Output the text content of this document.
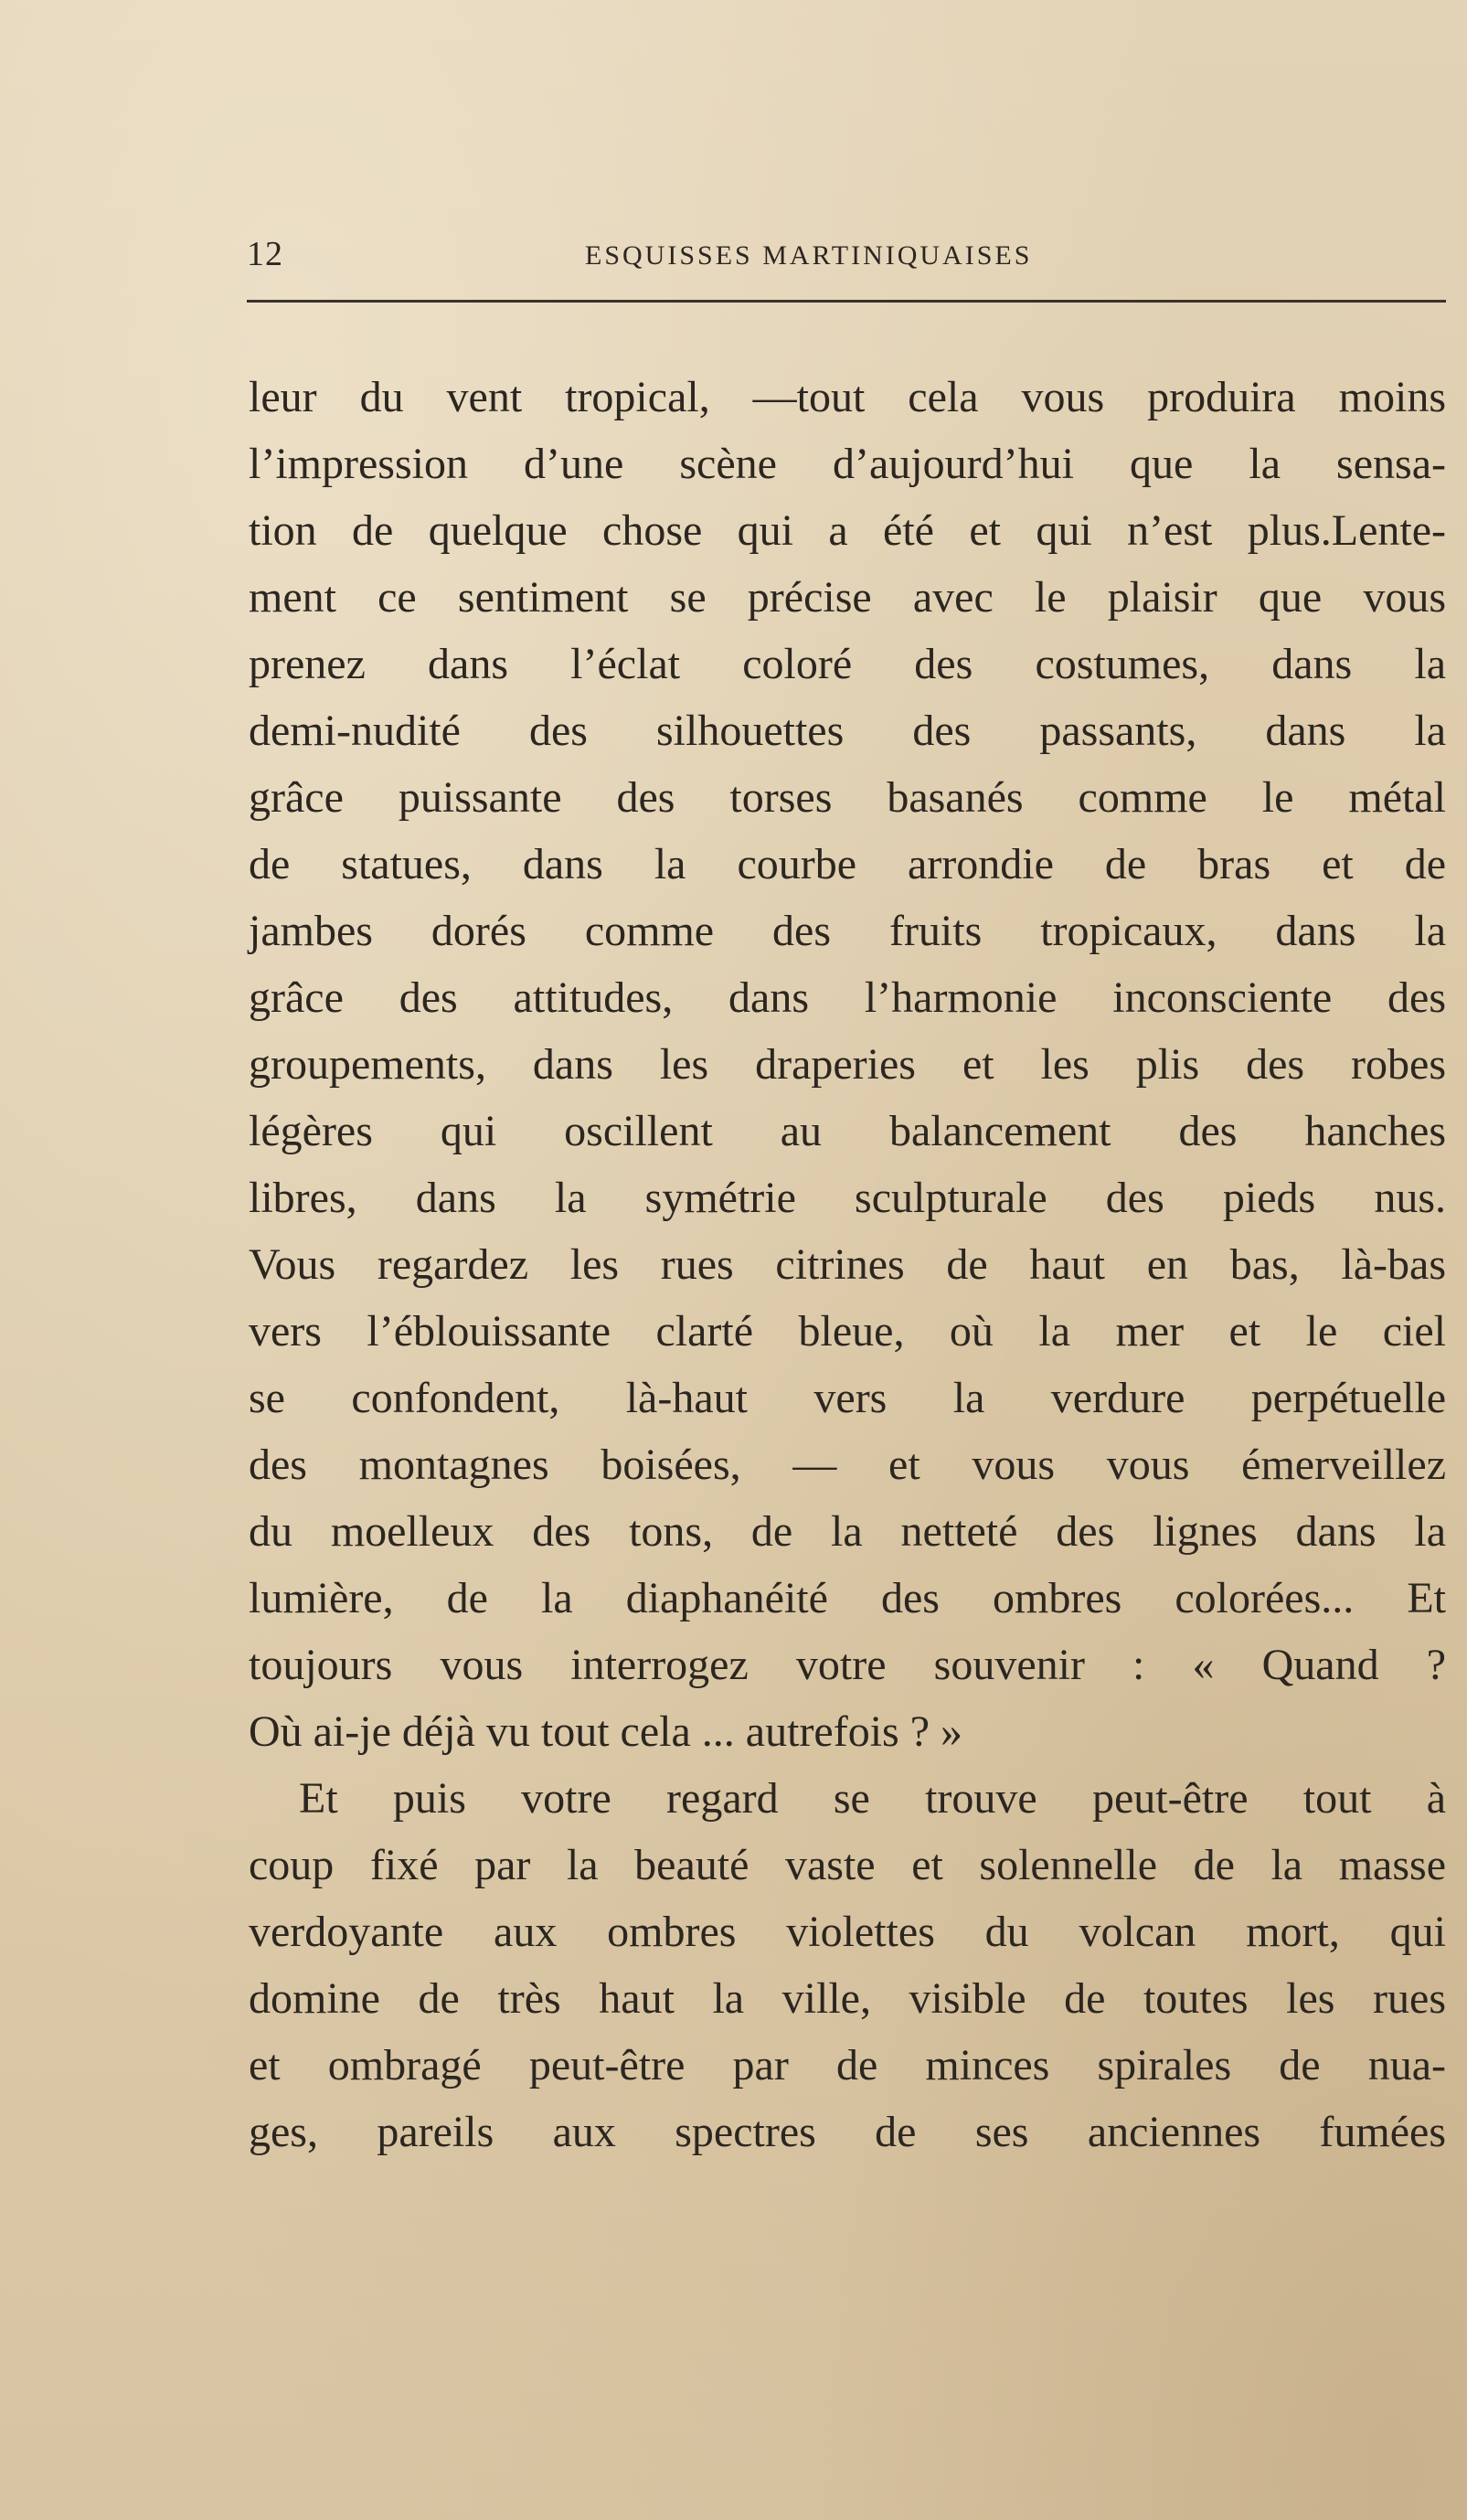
12	ESQUISSES MARTINIQUAISES
leur du vent tropical, —tout cela vous produira moins
l’impression d’une scène d’aujourd’hui que la sensa-
tion de quelque chose qui a été et qui n’est plus.Lente-
ment ce sentiment se précise avec le plaisir que vous
prenez dans l’éclat coloré des costumes, dans la
demi-nudité des silhouettes des passants, dans la
grâce puissante des torses basanés comme le métal
de statues, dans la courbe arrondie de bras et de
jambes dorés comme des fruits tropicaux, dans la
grâce des attitudes, dans l’harmonie inconsciente des
groupements, dans les draperies et les plis des robes
légères qui oscillent au balancement des hanches
libres, dans la symétrie sculpturale des pieds nus.
Vous regardez les rues citrines de haut en bas, là-bas
vers l’éblouissante clarté bleue, où la mer et le ciel
se confondent, là-haut vers la verdure perpétuelle
des montagnes boisées, — et vous vous émerveillez
du moelleux des tons, de la netteté des lignes dans la
lumière, de la diaphanéité des ombres colorées... Et
toujours vous interrogez votre souvenir : « Quand ?
Où ai-je déjà vu tout cela ... autrefois ? »
Et puis votre regard se trouve peut-être tout à
coup fixé par la beauté vaste et solennelle de la masse
verdoyante aux ombres violettes du volcan mort, qui
domine de très haut la ville, visible de toutes les rues
et ombragé peut-être par de minces spirales de nua-
ges, pareils aux spectres de ses anciennes fumées
